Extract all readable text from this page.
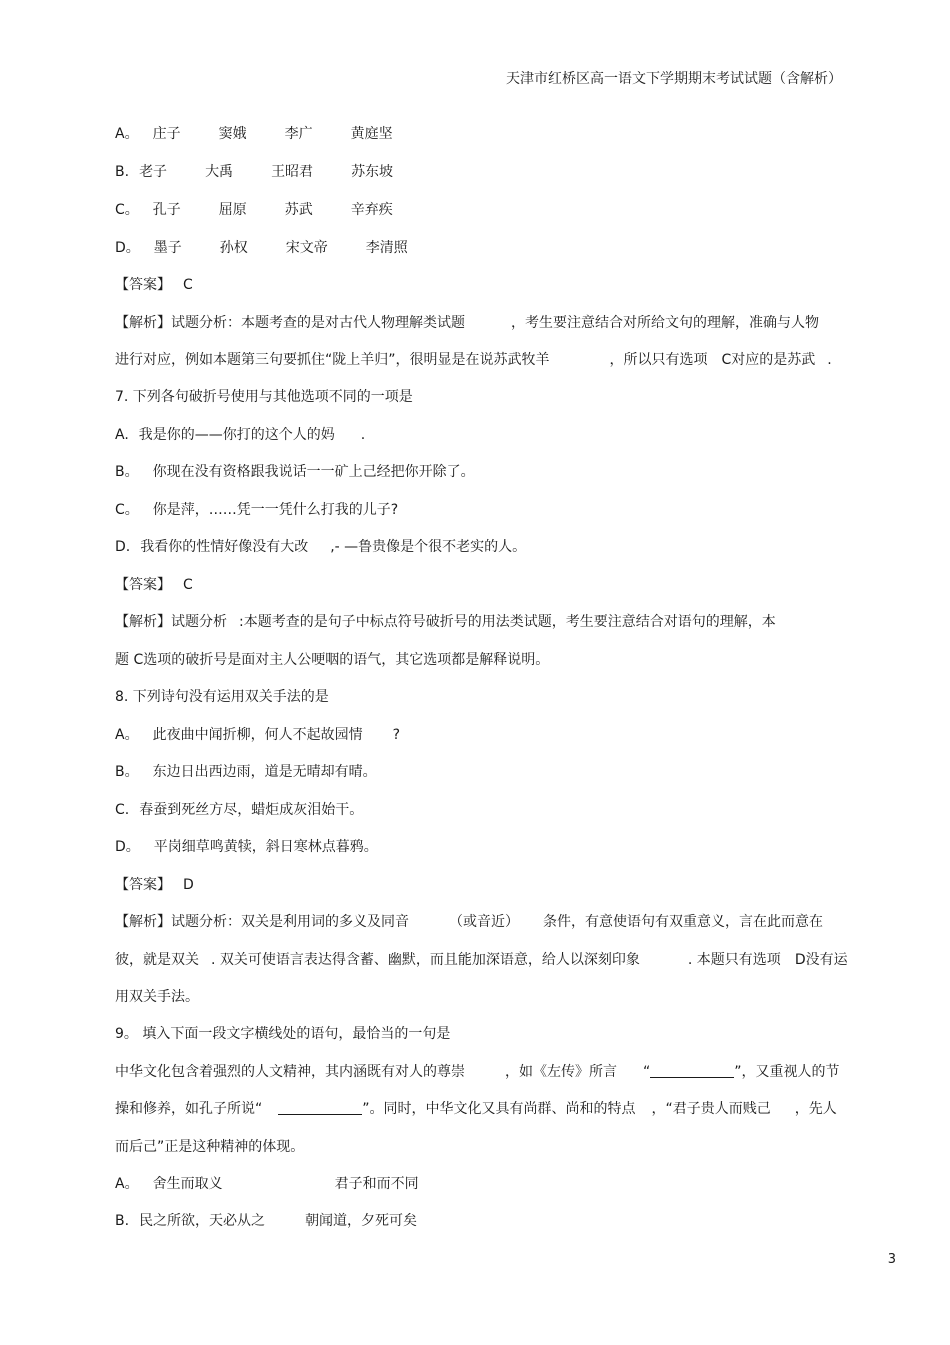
天津市红桥区高一语文下学期期末考试试题（含解析）
A。 庄子	窦娥	李广	黄庭坚
B. 老子	大禹	王昭君	苏东坡
C。 孔子	屈原	苏武	辛弃疾
D。 墨子	孙权	宋文帝	李清照
【答案】 C
【解析】试题分析：本题考查的是对古代人物理解类试题	，考生要注意结合对所给文句的理解，准确与人物
进行对应，例如本题第三句要抓住“陇上羊归”，很明显是在说苏武牧羊	，所以只有选项 C对应的是苏武 .
7. 下列各句破折号使用与其他选项不同的一项是
A. 我是你的——你打的这个人的妈 .
B。 你现在没有资格跟我说话一一矿上己经把你开除了。
C。 你是萍，……凭一一凭什么打我的儿子?
D. 我看你的性情好像没有大改 ,- —鲁贵像是个很不老实的人。
【答案】 C
【解析】试题分析 :本题考查的是句子中标点符号破折号的用法类试题，考生要注意结合对语句的理解，本
题 C选项的破折号是面对主人公哽咽的语气，其它选项都是解释说明。
8. 下列诗句没有运用双关手法的是
A。 此夜曲中闻折柳，何人不起故园情 ?
B。 东边日出西边雨，道是无晴却有晴。
C. 春蚕到死丝方尽，蜡炬成灰泪始干。
D。 平岗细草鸣黄犊，斜日寒林点暮鸦。
【答案】 D
【解析】试题分析：双关是利用词的多义及同音	（或音近） 条件，有意使语句有双重意义，言在此而意在
彼，就是双关 . 双关可使语言表达得含蓄、幽默，而且能加深语意，给人以深刻印象	. 本题只有选项 D没有运
用双关手法。
9。 填入下面一段文字横线处的语句，最恰当的一句是
中华文化包含着强烈的人文精神，其内涵既有对人的尊崇	，如《左传》所言 “	”，又重视人的节
操和修养，如孔子所说“	”。同时，中华文化又具有尚群、尚和的特点 ，“君子贵人而贱己 ，先人
而后己”正是这种精神的体现。
A。 舍生而取义	君子和而不同
B. 民之所欲，天必从之	朝闻道，夕死可矣
3
